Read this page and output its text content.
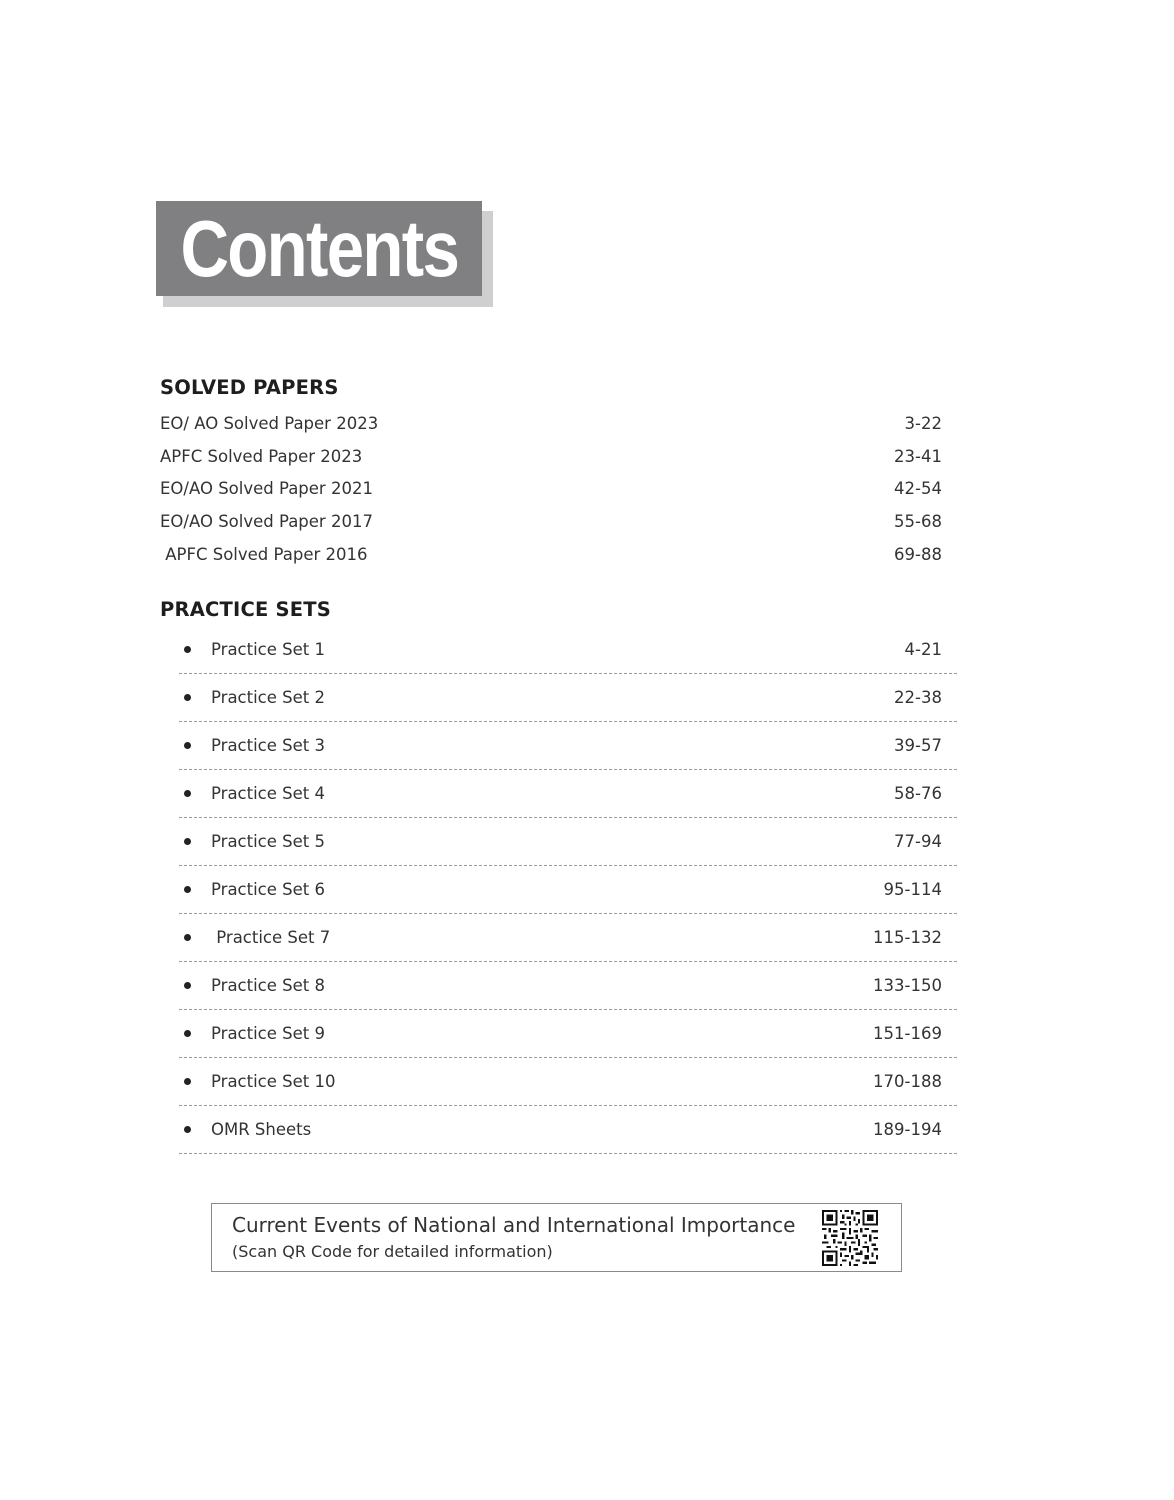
Contents
SOLVED PAPERS
EO/ AO Solved Paper 2023	3-22
APFC Solved Paper 2023	23-41
EO/AO Solved Paper 2021	42-54
EO/AO Solved Paper 2017	55-68
APFC Solved Paper 2016	69-88
PRACTICE SETS
Practice Set 1	4-21
Practice Set 2	22-38
Practice Set 3	39-57
Practice Set 4	58-76
Practice Set 5	77-94
Practice Set 6	95-114
Practice Set 7	115-132
Practice Set 8	133-150
Practice Set 9	151-169
Practice Set 10	170-188
OMR Sheets	189-194
Current Events of National and International Importance
(Scan QR Code for detailed information)
